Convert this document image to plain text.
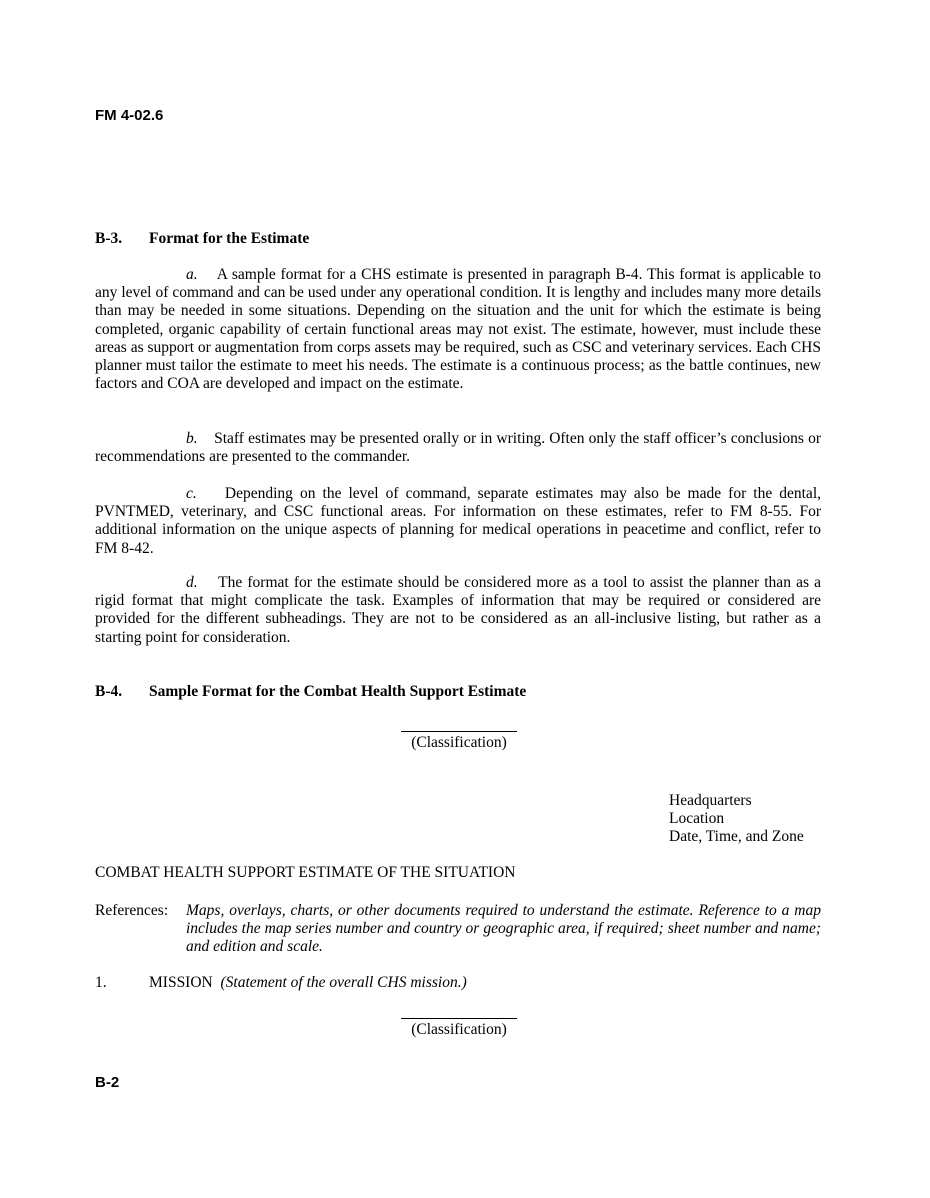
FM 4-02.6
B-3. Format for the Estimate
a. A sample format for a CHS estimate is presented in paragraph B-4. This format is applicable to any level of command and can be used under any operational condition. It is lengthy and includes many more details than may be needed in some situations. Depending on the situation and the unit for which the estimate is being completed, organic capability of certain functional areas may not exist. The estimate, however, must include these areas as support or augmentation from corps assets may be required, such as CSC and veterinary services. Each CHS planner must tailor the estimate to meet his needs. The estimate is a continuous process; as the battle continues, new factors and COA are developed and impact on the estimate.
b. Staff estimates may be presented orally or in writing. Often only the staff officer’s conclusions or recommendations are presented to the commander.
c. Depending on the level of command, separate estimates may also be made for the dental, PVNTMED, veterinary, and CSC functional areas. For information on these estimates, refer to FM 8-55. For additional information on the unique aspects of planning for medical operations in peacetime and conflict, refer to FM 8-42.
d. The format for the estimate should be considered more as a tool to assist the planner than as a rigid format that might complicate the task. Examples of information that may be required or considered are provided for the different subheadings. They are not to be considered as an all-inclusive listing, but rather as a starting point for consideration.
B-4. Sample Format for the Combat Health Support Estimate
(Classification)
Headquarters
Location
Date, Time, and Zone
COMBAT HEALTH SUPPORT ESTIMATE OF THE SITUATION
References: Maps, overlays, charts, or other documents required to understand the estimate. Reference to a map includes the map series number and country or geographic area, if required; sheet number and name; and edition and scale.
1.	MISSION (Statement of the overall CHS mission.)
(Classification)
B-2
